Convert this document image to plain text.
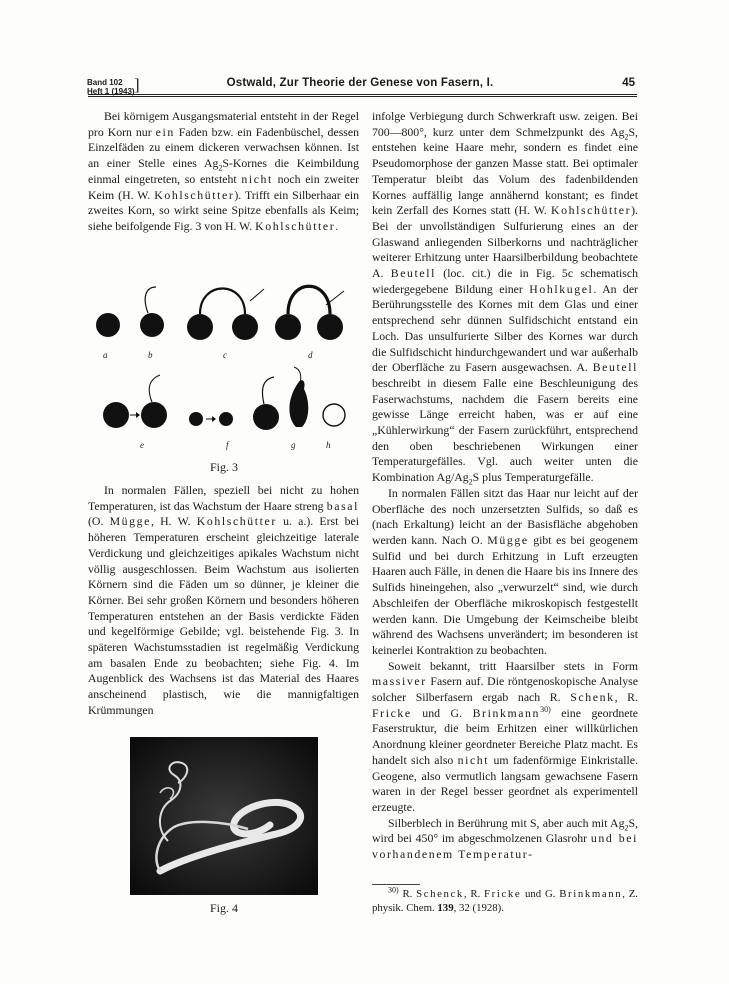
Band 102
Heft 1 (1943) ]	Ostwald, Zur Theorie der Genese von Fasern, I.	45

Bei körnigem Ausgangsmaterial entsteht in der Regel pro Korn nur ein Faden bzw. ein Fadenbüschel, dessen Einzelfäden zu einem dickeren verwachsen können. Ist an einer Stelle eines $Ag_2S$-Kornes die Keimbildung einmal eingetreten, so entsteht nicht noch ein zweiter Keim (H. W. Kohlschütter). Trifft ein Silberhaar ein zweites Korn, so wirkt seine Spitze ebenfalls als Keim; siehe beifolgende Fig. 3 von H. W. Kohlschütter.

a	b	c	d
e	f	g	h
Fig. 3

In normalen Fällen, speziell bei nicht zu hohen Temperaturen, ist das Wachstum der Haare streng basal (O. Mügge, H. W. Kohlschütter u. a.). Erst bei höheren Temperaturen erscheint gleichzeitige laterale Verdickung und gleichzeitiges apikales Wachstum nicht völlig ausgeschlossen. Beim Wachstum aus isolierten Körnern sind die Fäden um so dünner, je kleiner die Körner. Bei sehr großen Körnern und besonders höheren Temperaturen entstehen an der Basis verdickte Fäden und kegelförmige Gebilde; vgl. beistehende Fig. 3. In späteren Wachstumsstadien ist regelmäßig Verdickung am basalen Ende zu beobachten; siehe Fig. 4. Im Augenblick des Wachsens ist das Material des Haares anscheinend plastisch, wie die mannigfaltigen Krümmungen

Fig. 4

infolge Verbiegung durch Schwerkraft usw. zeigen. Bei 700—800°, kurz unter dem Schmelzpunkt des $Ag_2S$, entstehen keine Haare mehr, sondern es findet eine Pseudomorphose der ganzen Masse statt. Bei optimaler Temperatur bleibt das Volum des fadenbildenden Kornes auffällig lange annähernd konstant; es findet kein Zerfall des Kornes statt (H. W. Kohlschütter). Bei der unvollständigen Sulfurierung eines an der Glaswand anliegenden Silberkorns und nachträglicher weiterer Erhitzung unter Haarsilberbildung beobachtete A. Beutell (loc. cit.) die in Fig. 5c schematisch wiedergegebene Bildung einer Hohlkugel. An der Berührungsstelle des Kornes mit dem Glas und einer entsprechend sehr dünnen Sulfidschicht entstand ein Loch. Das unsulfurierte Silber des Kornes war durch die Sulfidschicht hindurchgewandert und war außerhalb der Oberfläche zu Fasern ausgewachsen. A. Beutell beschreibt in diesem Falle eine Beschleunigung des Faserwachstums, nachdem die Fasern bereits eine gewisse Länge erreicht haben, was er auf eine „Kühlerwirkung“ der Fasern zurückführt, entsprechend den oben beschriebenen Wirkungen einer Temperaturgefälles. Vgl. auch weiter unten die Kombination $Ag/Ag_2S$ plus Temperaturgefälle.

In normalen Fällen sitzt das Haar nur leicht auf der Oberfläche des noch unzersetzten Sulfids, so daß es (nach Erkaltung) leicht an der Basisfläche abgehoben werden kann. Nach O. Mügge gibt es bei geogenem Sulfid und bei durch Erhitzung in Luft erzeugten Haaren auch Fälle, in denen die Haare bis ins Innere des Sulfids hineingehen, also „verwurzelt“ sind, wie durch Abschleifen der Oberfläche mikroskopisch festgestellt werden kann. Die Umgebung der Keimscheibe bleibt während des Wachsens unverändert; im besonderen ist keinerlei Kontraktion zu beobachten.

Soweit bekannt, tritt Haarsilber stets in Form massiver Fasern auf. Die röntgenoskopische Analyse solcher Silberfasern ergab nach R. Schenk, R. Fricke und G. Brinkmann$^{30)}$ eine geordnete Faserstruktur, die beim Erhitzen einer willkürlichen Anordnung kleiner geordneter Bereiche Platz macht. Es handelt sich also nicht um fadenförmige Einkristalle. Geogene, also vermutlich langsam gewachsene Fasern waren in der Regel besser geordnet als experimentell erzeugte.

Silberblech in Berührung mit S, aber auch mit $Ag_2S$, wird bei 450° im abgeschmolzenen Glasrohr und bei vorhandenem Temperatur-

$^{30)}$ R. Schenck, R. Fricke und G. Brinkmann, Z. physik. Chem. 139, 32 (1928).
